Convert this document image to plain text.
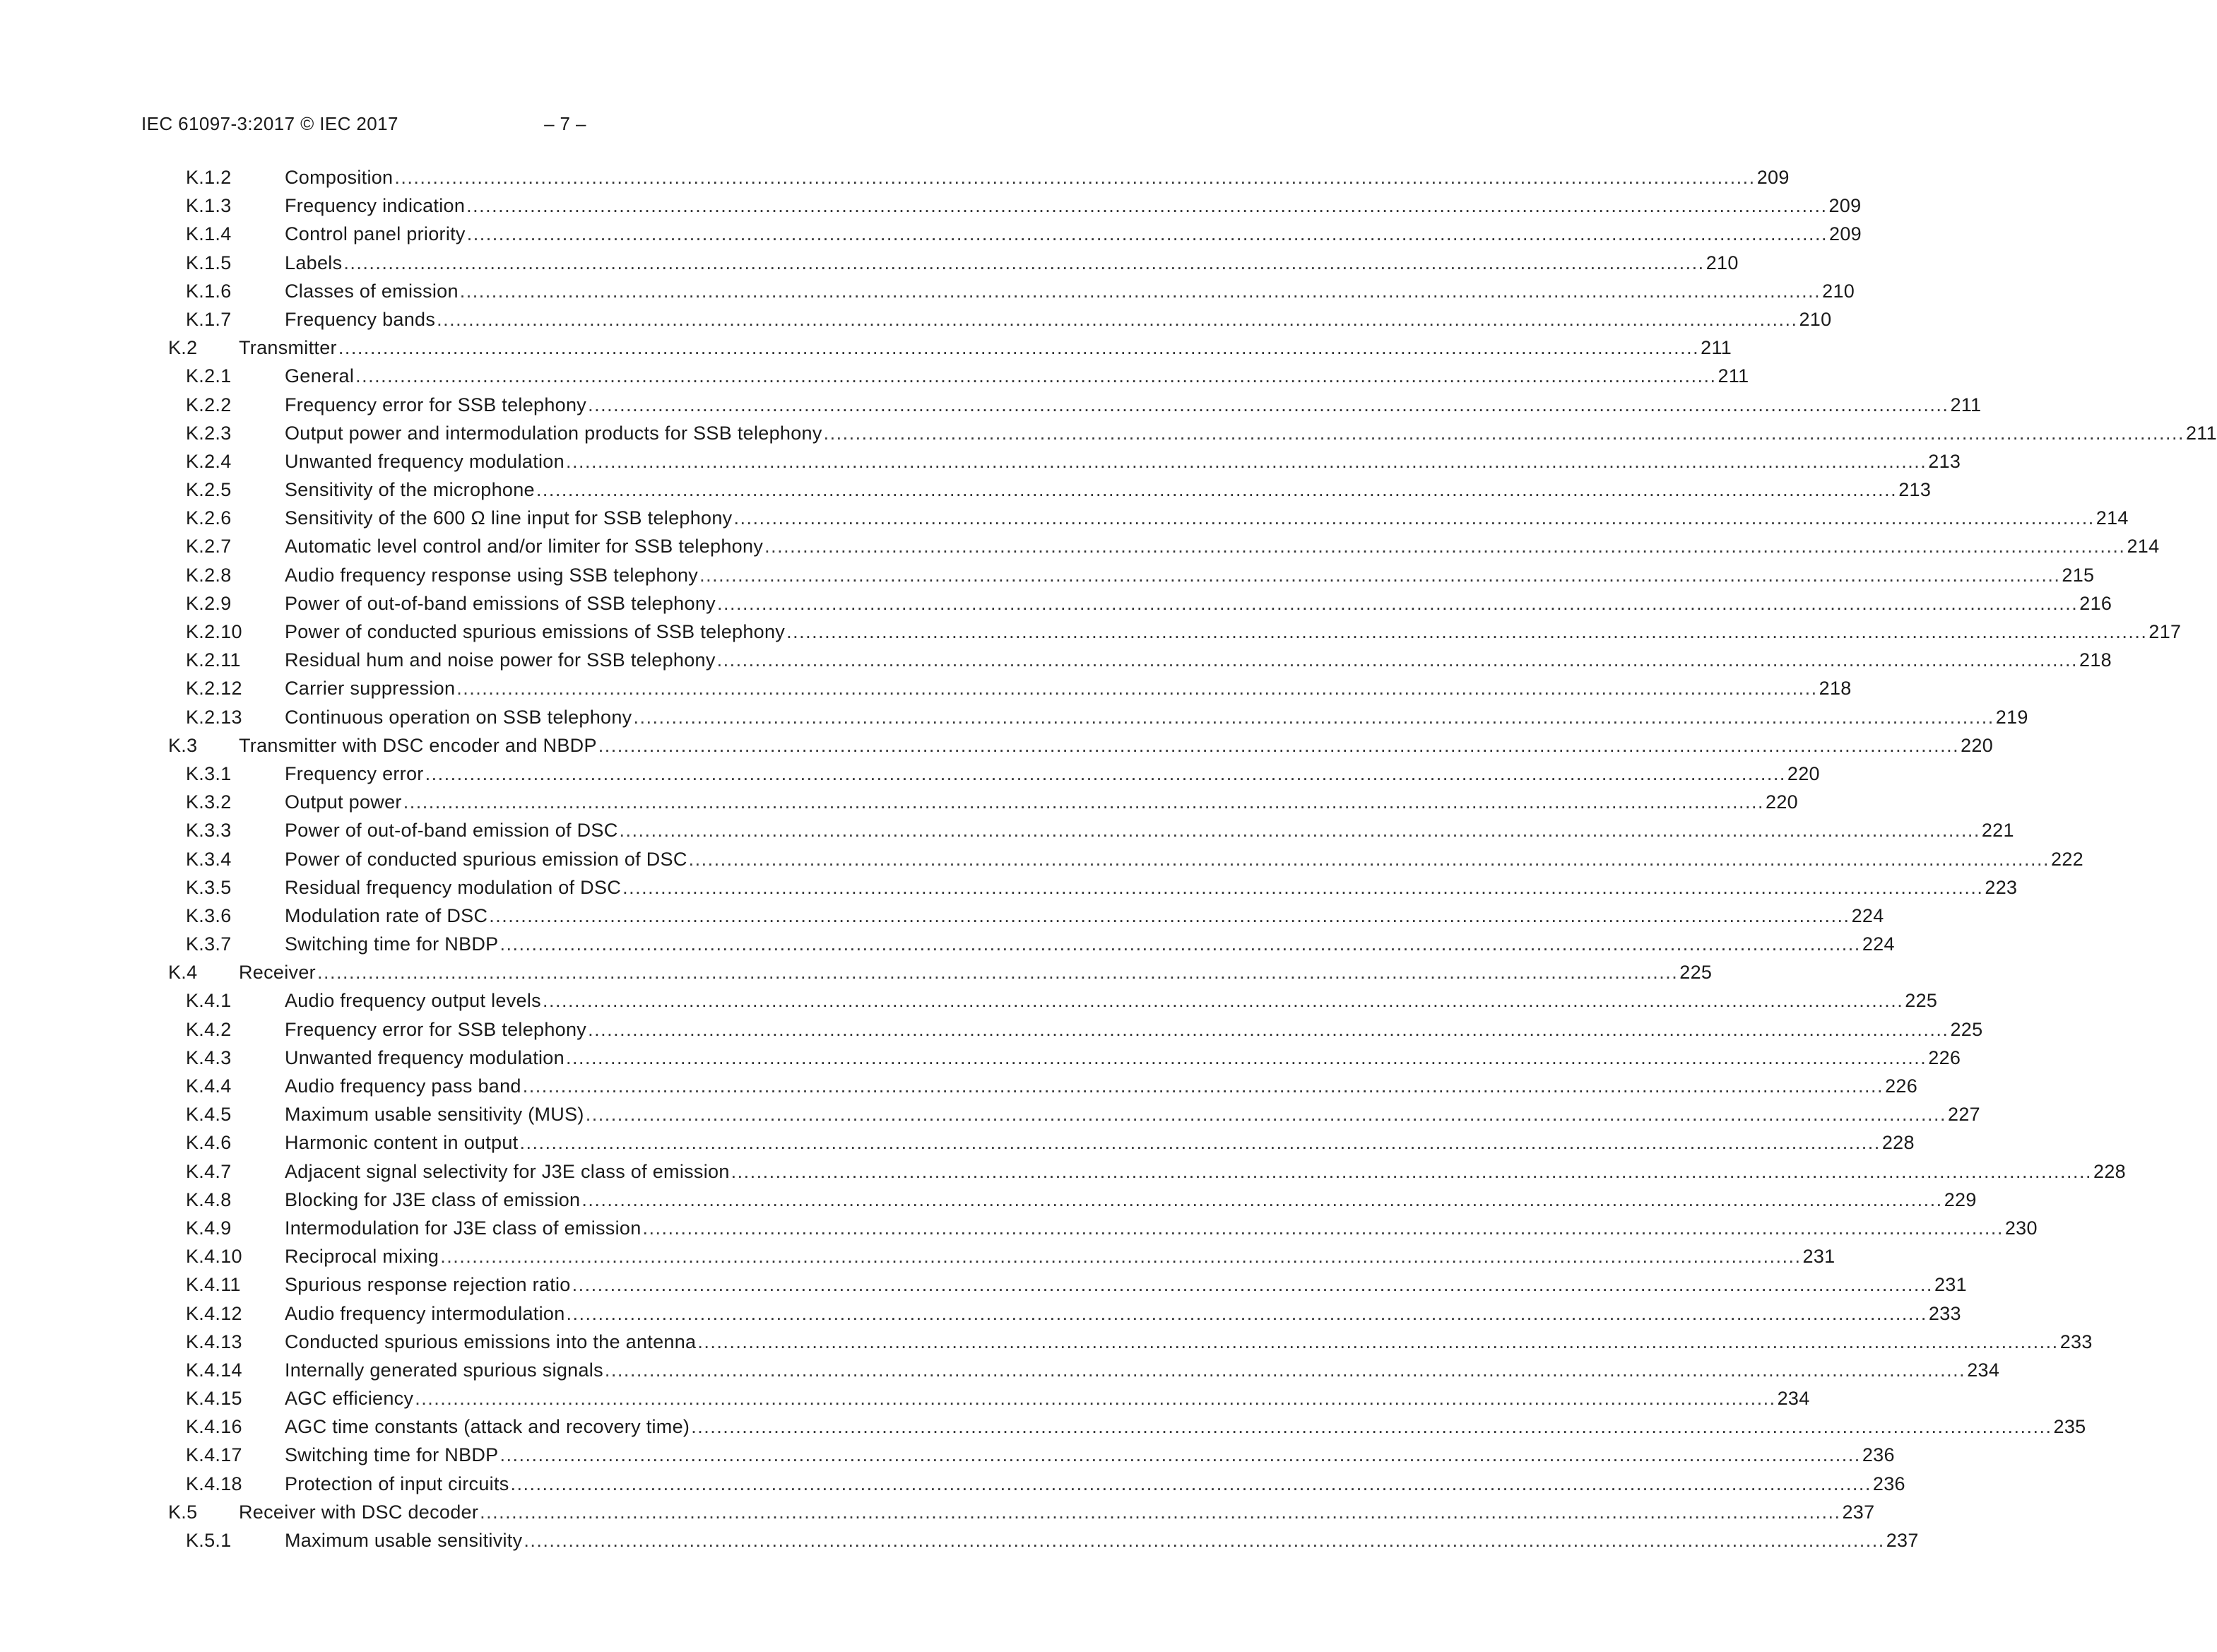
IEC 61097-3:2017 © IEC 2017	– 7 –
K.1.2	Composition .....	209
K.1.3	Frequency indication .....	209
K.1.4	Control panel priority .....	209
K.1.5	Labels .....	210
K.1.6	Classes of emission .....	210
K.1.7	Frequency bands .....	210
K.2	Transmitter .....	211
K.2.1	General .....	211
K.2.2	Frequency error for SSB telephony .....	211
K.2.3	Output power and intermodulation products for SSB telephony .....	211
K.2.4	Unwanted frequency modulation .....	213
K.2.5	Sensitivity of the microphone .....	213
K.2.6	Sensitivity of the 600 Ω line input for SSB telephony .....	214
K.2.7	Automatic level control and/or limiter for SSB telephony .....	214
K.2.8	Audio frequency response using SSB telephony .....	215
K.2.9	Power of out-of-band emissions of SSB telephony .....	216
K.2.10	Power of conducted spurious emissions of SSB telephony .....	217
K.2.11	Residual hum and noise power for SSB telephony .....	218
K.2.12	Carrier suppression .....	218
K.2.13	Continuous operation on SSB telephony .....	219
K.3	Transmitter with DSC encoder and NBDP .....	220
K.3.1	Frequency error .....	220
K.3.2	Output power .....	220
K.3.3	Power of out-of-band emission of DSC .....	221
K.3.4	Power of conducted spurious emission of DSC .....	222
K.3.5	Residual frequency modulation of DSC .....	223
K.3.6	Modulation rate of DSC .....	224
K.3.7	Switching time for NBDP .....	224
K.4	Receiver .....	225
K.4.1	Audio frequency output levels .....	225
K.4.2	Frequency error for SSB telephony .....	225
K.4.3	Unwanted frequency modulation .....	226
K.4.4	Audio frequency pass band .....	226
K.4.5	Maximum usable sensitivity (MUS) .....	227
K.4.6	Harmonic content in output .....	228
K.4.7	Adjacent signal selectivity for J3E class of emission .....	228
K.4.8	Blocking for J3E class of emission .....	229
K.4.9	Intermodulation for J3E class of emission .....	230
K.4.10	Reciprocal mixing .....	231
K.4.11	Spurious response rejection ratio .....	231
K.4.12	Audio frequency intermodulation .....	233
K.4.13	Conducted spurious emissions into the antenna .....	233
K.4.14	Internally generated spurious signals .....	234
K.4.15	AGC efficiency .....	234
K.4.16	AGC time constants (attack and recovery time) .....	235
K.4.17	Switching time for NBDP .....	236
K.4.18	Protection of input circuits .....	236
K.5	Receiver with DSC decoder .....	237
K.5.1	Maximum usable sensitivity .....	237
